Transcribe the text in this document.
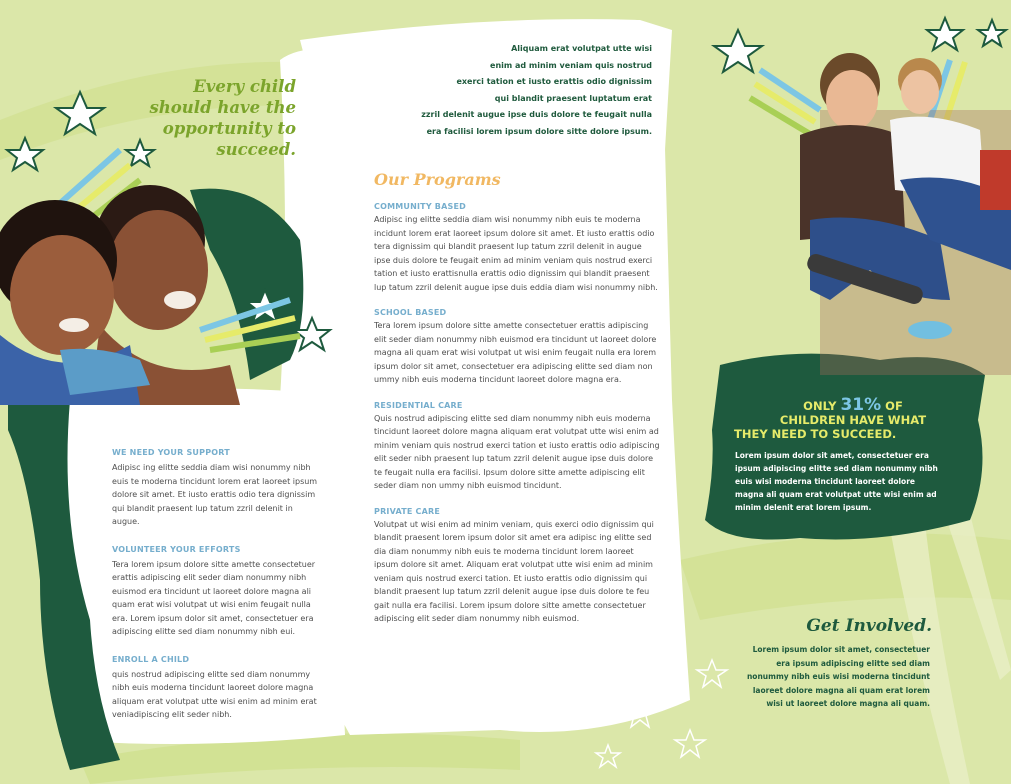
Every child
should have the
opportunity to
succeed.
WE NEED YOUR SUPPORT
Adipisc ing elitte seddia diam wisi nonummy nibh euis te moderna tincidunt lorem erat laoreet ipsum dolore sit amet. Et iusto erattis odio tera dignissim qui blandit praesent lup tatum zzril delenit in augue.
VOLUNTEER YOUR EFFORTS
Tera lorem ipsum dolore sitte amette consectetuer erattis adipiscing elit seder diam nonummy nibh euismod era tincidunt ut laoreet dolore magna ali quam erat wisi volutpat ut wisi enim feugait nulla era. Lorem ipsum dolor sit amet, consectetuer era adipiscing elitte sed diam nonummy nibh eui.
ENROLL A CHILD
quis nostrud adipiscing elitte sed diam nonummy nibh euis moderna tincidunt laoreet dolore magna aliquam erat volutpat utte wisi enim ad minim erat veniadipiscing elit seder nibh.
Aliquam erat volutpat utte wisi
enim ad minim veniam quis nostrud
exerci tation et iusto erattis odio dignissim
qui blandit praesent luptatum erat
zzril delenit augue ipse duis dolore te feugait nulla
era facilisi lorem ipsum dolore sitte dolore ipsum.
Our Programs
COMMUNITY BASED
Adipisc ing elitte seddia diam wisi nonummy nibh euis te moderna incidunt lorem erat laoreet ipsum dolore sit amet. Et iusto erattis odio tera dignissim qui blandit praesent lup tatum zzril delenit in augue ipse duis dolore te feugait enim ad minim veniam quis nostrud exerci tation et iusto erattisnulla erattis odio dignissim qui blandit praesent lup tatum zzril delenit augue ipse duis eddia diam wisi nonummy nibh.
SCHOOL BASED
Tera lorem ipsum dolore sitte amette consectetuer erattis adipiscing elit seder diam nonummy nibh euismod era tincidunt ut laoreet dolore magna ali quam erat wisi volutpat ut wisi enim feugait nulla era lorem ipsum dolor sit amet, consectetuer era adipiscing elitte sed diam non ummy nibh euis moderna tincidunt laoreet dolore magna era.
RESIDENTIAL CARE
Quis nostrud adipiscing elitte sed diam nonummy nibh euis moderna tincidunt laoreet dolore magna aliquam erat volutpat utte wisi enim ad minim veniam quis nostrud exerci tation et iusto erattis odio adipiscing elit seder nibh praesent lup tatum zzril delenit augue ipse duis dolore te feugait nulla era facilisi. Ipsum dolore sitte amette adipiscing elit seder diam non ummy nibh euismod tincidunt.
PRIVATE CARE
Volutpat ut wisi enim ad minim veniam, quis exerci odio dignissim qui blandit praesent lorem ipsum dolor sit amet era adipisc ing elitte sed dia diam nonummy nibh euis te moderna tincidunt lorem laoreet ipsum dolore sit amet. Aliquam erat volutpat utte wisi enim ad minim veniam quis nostrud exerci tation. Et iusto erattis odio dignissim qui blandit praesent lup tatum zzril delenit augue ipse duis dolore te feu gait nulla era facilisi. Lorem ipsum dolore sitte amette consectetuer adipiscing elit seder diam nonummy nibh euismod.
ONLY 31% OF
CHILDREN HAVE WHAT
THEY NEED TO SUCCEED.
Lorem ipsum dolor sit amet, consectetuer era
ipsum adipiscing elitte sed diam nonummy nibh
euis wisi moderna tincidunt laoreet dolore
magna ali quam erat volutpat utte wisi enim ad
minim delenit erat lorem ipsum.
Get Involved.
Lorem ipsum dolor sit amet, consectetuer
era ipsum adipiscing elitte sed diam
nonummy nibh euis wisi moderna tincidunt
laoreet dolore magna ali quam erat lorem
wisi ut laoreet dolore magna ali quam.
